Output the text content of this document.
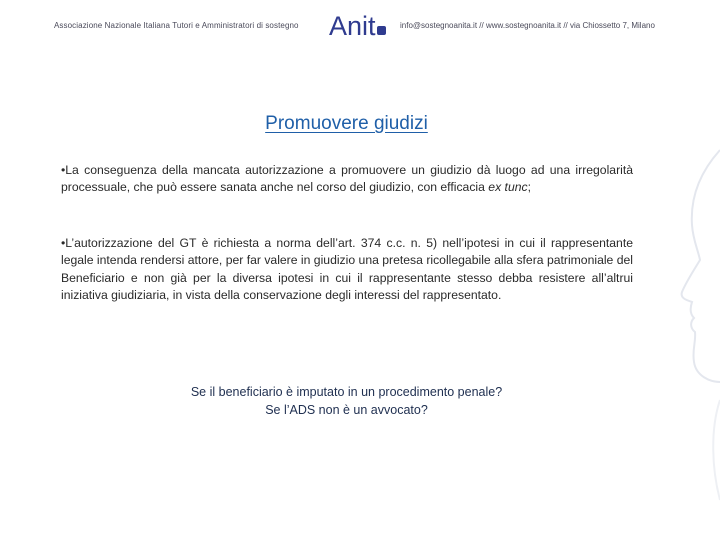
Associazione Nazionale Italiana Tutori e Amministratori di sostegno Anit	info@sostegnoanita.it // www.sostegnoanita.it // via Chiossetto 7, Milano
Promuovere giudizi
•La conseguenza della mancata autorizzazione a promuovere un giudizio dà luogo ad una irregolarità processuale, che può essere sanata anche nel corso del giudizio, con efficacia ex tunc;
•L’autorizzazione del GT è richiesta a norma dell’art. 374 c.c. n. 5) nell’ipotesi in cui il rappresentante legale intenda rendersi attore, per far valere in giudizio una pretesa ricollegabile alla sfera patrimoniale del Beneficiario e non già per la diversa ipotesi in cui il rappresentante stesso debba resistere all’altrui iniziativa giudiziaria, in vista della conservazione degli interessi del rappresentato.
Se il beneficiario è imputato in un procedimento penale?
Se l’ADS non è un avvocato?
